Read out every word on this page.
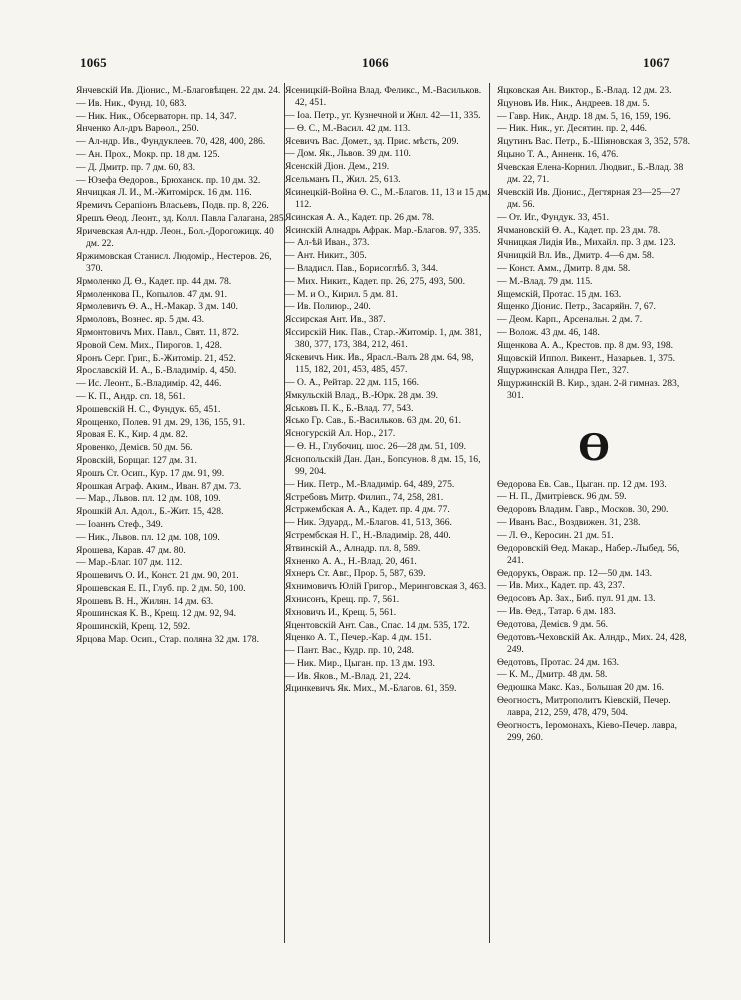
1065	1066	1067
Янчевскій Ив. Діонис., М.-Благовѣщен. 22 дм. 24.
— Ив. Ник., Фунд. 10, 683.
— Ник. Ник., Обсерваторн. пр. 14, 347.
Янченко Ал-дръ Варѳол., 250.
— Ал-ндр. Ив., Фундуклеев. 70, 428, 400, 286.
— Ан. Прох., Мокр. пр. 18 дм. 125.
— Д. Дмитр. пр. 7 дм. 60, 83.
— Юзефа Ѳедоров., Брюханск. пр. 10 дм. 32.
Янчицкая Л. И., М.-Житомірск. 16 дм. 116.
Яремичъ Серапіонъ Власьевъ, Подв. пр. 8, 226.
Ярешъ Ѳеод. Леонт., зд. Колл. Павла Галагана, 285.
Яричевская Ал-ндр. Леон., Бол.-Дорогожицк. 40 дм. 22.
Яржимовская Станисл. Людомір., Нестеров. 26, 370.
Ярмоленко Д. Ѳ., Кадет. пр. 44 дм. 78.
Ярмоленкова П., Копылов. 47 дм. 91.
Ярмолевичъ Ѳ. А., Н.-Макар. 3 дм. 140.
Ярмоловъ, Вознес. яр. 5 дм. 43.
Ярмонтовичъ Мих. Павл., Свят. 11, 872.
Яровой Сем. Мих., Пирогов. 1, 428.
Яронъ Серг. Григ., Б.-Житомір. 21, 452.
Ярославскій И. А., Б.-Владимір. 4, 450.
— Ис. Леонт., Б.-Владимір. 42, 446.
— К. П., Андр. сп. 18, 561.
Ярошевскій Н. С., Фундук. 65, 451.
Ярощенко, Полев. 91 дм. 29, 136, 155, 91.
Яровая Е. К., Кир. 4 дм. 82.
Яровенко, Демієв. 50 дм. 56.
Яровскій, Борщаг. 127 дм. 31.
Ярошъ Ст. Осип., Кур. 17 дм. 91, 99.
Ярошкая Аграф. Аким., Иван. 87 дм. 73.
— Мар., Львов. пл. 12 дм. 108, 109.
Ярошкій Ал. Адол., Б.-Жит. 15, 428.
— Іоаннъ Стеф., 349.
— Ник., Львов. пл. 12 дм. 108, 109.
Ярошева, Карав. 47 дм. 80.
— Мар.-Благ. 107 дм. 112.
Ярошевичъ О. И., Конст. 21 дм. 90, 201.
Ярошевская Е. П., Глуб. пр. 2 дм. 50, 100.
Ярошевъ В. Н., Жилян. 14 дм. 63.
Ярошинская К. В., Крещ. 12 дм. 92, 94.
Ярошинскій, Крещ. 12, 592.
Ярцова Мар. Осип., Стар. поляна 32 дм. 178.
Ясеницкій-Война Влад. Феликс., М.-Васильков. 42, 451.
— Іоа. Петр., уг. Кузнечной и Жнл. 42—11, 335.
— Ѳ. С., М.-Васил. 42 дм. 113.
Ясевичъ Вас. Домет., зд. Прис. мѣсть, 209.
— Дом. Як., Львов. 39 дм. 110.
Ясенскій Діон. Дем., 219.
Ясельманъ П., Жил. 25, 613.
Ясинецкій-Война Ѳ. С., М.-Благов. 11, 13 и 15 дм. 112.
Ясинская А. А., Кадет. пр. 26 дм. 78.
Ясинскій Алнадрь Афрак. Мар.-Благов. 97, 335.
— Ал-ѣй Иван., 373.
— Ант. Никит., 305.
— Владисл. Пав., Борисоглѣб. 3, 344.
— Мих. Никит., Кадет. пр. 26, 275, 493, 500.
— М. и О., Кирил. 5 дм. 81.
— Ив. Полиюр., 240.
Яссирская Ант. Ив., 387.
Яссирскій Ник. Пав., Стар.-Житомір. 1, дм. 381, 380, 377, 173, 384, 212, 461.
Яскевичъ Ник. Ив., Ярасл.-Валъ 28 дм. 64, 98, 115, 182, 201, 453, 485, 457.
— О. А., Рейтар. 22 дм. 115, 166.
Ямкульскій Влад., В.-Юрк. 28 дм. 39.
Яськовъ П. К., Б.-Влад. 77, 543.
Ясько Гр. Сав., Б.-Васильков. 63 дм. 20, 61.
Ясногурскій Ал. Нор., 217.
— Ѳ. Н., Глубочиц. шос. 26—28 дм. 51, 109.
Яснопольскій Дан. Дан., Бопсунов. 8 дм. 15, 16, 99, 204.
— Ник. Петр., М.-Владимір. 64, 489, 275.
Ястребовъ Митр. Филип., 74, 258, 281.
Ястржембская А. А., Кадет. пр. 4 дм. 77.
— Ник. Эдуард., М.-Благов. 41, 513, 366.
Ястрембская Н. Г., Н.-Владимір. 28, 440.
Ятвинскій А., Алнадр. пл. 8, 589.
Яхненко А. А., Н.-Влад. 20, 461.
Яхнеръ Ст. Авг., Прор. 5, 587, 639.
Яхнимовичъ Юлій Григор., Меринговская 3, 463.
Яхнисонъ, Крещ. пр. 7, 561.
Яхновичъ И., Крещ. 5, 561.
Яцентовскій Ант. Сав., Спас. 14 дм. 535, 172.
Яценко А. Т., Печер.-Кар. 4 дм. 151.
— Пант. Вас., Кудр. пр. 10, 248.
— Ник. Мир., Цыган. пр. 13 дм. 193.
— Ив. Яков., М.-Влад. 21, 224.
Яцинкевичъ Як. Мих., М.-Благов. 61, 359.
Яцковская Ан. Виктор., Б.-Влад. 12 дм. 23.
Яцуновъ Ив. Ник., Андреев. 18 дм. 5.
— Гавр. Ник., Андр. 18 дм. 5, 16, 159, 196.
— Ник. Ник., уг. Десятин. пр. 2, 446.
Яцутинъ Вас. Петр., Б.-Шіяновская 3, 352, 578.
Яцыно Т. А., Анненк. 16, 476.
Ячевская Елена-Корнил. Людвиг., Б.-Влад. 38 дм. 22, 71.
Ячевскій Ив. Діонис., Дегтярная 23—25—27 дм. 56.
— От. Иг., Фундук. 33, 451.
Ячмановскій Ѳ. А., Кадет. пр. 23 дм. 78.
Ячницкая Лидія Ив., Михайл. пр. 3 дм. 123.
Ячницкій Вл. Ив., Дмитр. 4—6 дм. 58.
— Конст. Амм., Дмитр. 8 дм. 58.
— М.-Влад. 79 дм. 115.
Ящемскій, Протас. 15 дм. 163.
Ященко Діонис. Петр., Засаряйн. 7, 67.
— Деом. Карп., Арсенальн. 2 дм. 7.
— Волож. 43 дм. 46, 148.
Ященкова А. А., Крестов. пр. 8 дм. 93, 198.
Ящовскій Иппол. Викент., Назарьев. 1, 375.
Ящуржинская Алндра Пет., 327.
Ящуржинскій В. Кир., здан. 2-й гимназ. 283, 301.
Ѳ
Ѳедорова Ев. Сав., Цыган. пр. 12 дм. 193.
— Н. П., Дмитріевск. 96 дм. 59.
Ѳедоровъ Владим. Гавр., Москов. 30, 290.
— Иванъ Вас., Воздвижен. 31, 238.
— Л. Ѳ., Керосин. 21 дм. 51.
Ѳедоровскій Ѳед. Макар., Набер.-Лыбед. 56, 241.
Ѳедорукъ, Овраж. пр. 12—50 дм. 143.
— Ив. Мих., Кадет. пр. 43, 237.
Ѳедосовъ Ар. Зах., Биб. пул. 91 дм. 13.
— Ив. Ѳед., Татар. 6 дм. 183.
Ѳедотова, Демієв. 9 дм. 56.
Ѳедотовъ-Чеховскій Ак. Алндр., Мих. 24, 428, 249.
Ѳедотовъ, Протас. 24 дм. 163.
— К. М., Дмитр. 48 дм. 58.
Ѳедюшка Макс. Каз., Большая 20 дм. 16.
Ѳеогностъ, Митрополитъ Кіевскій, Печер. лавра, 212, 259, 478, 479, 504.
Ѳеогностъ, Іеромонахъ, Кіево-Печер. лавра, 299, 260.
